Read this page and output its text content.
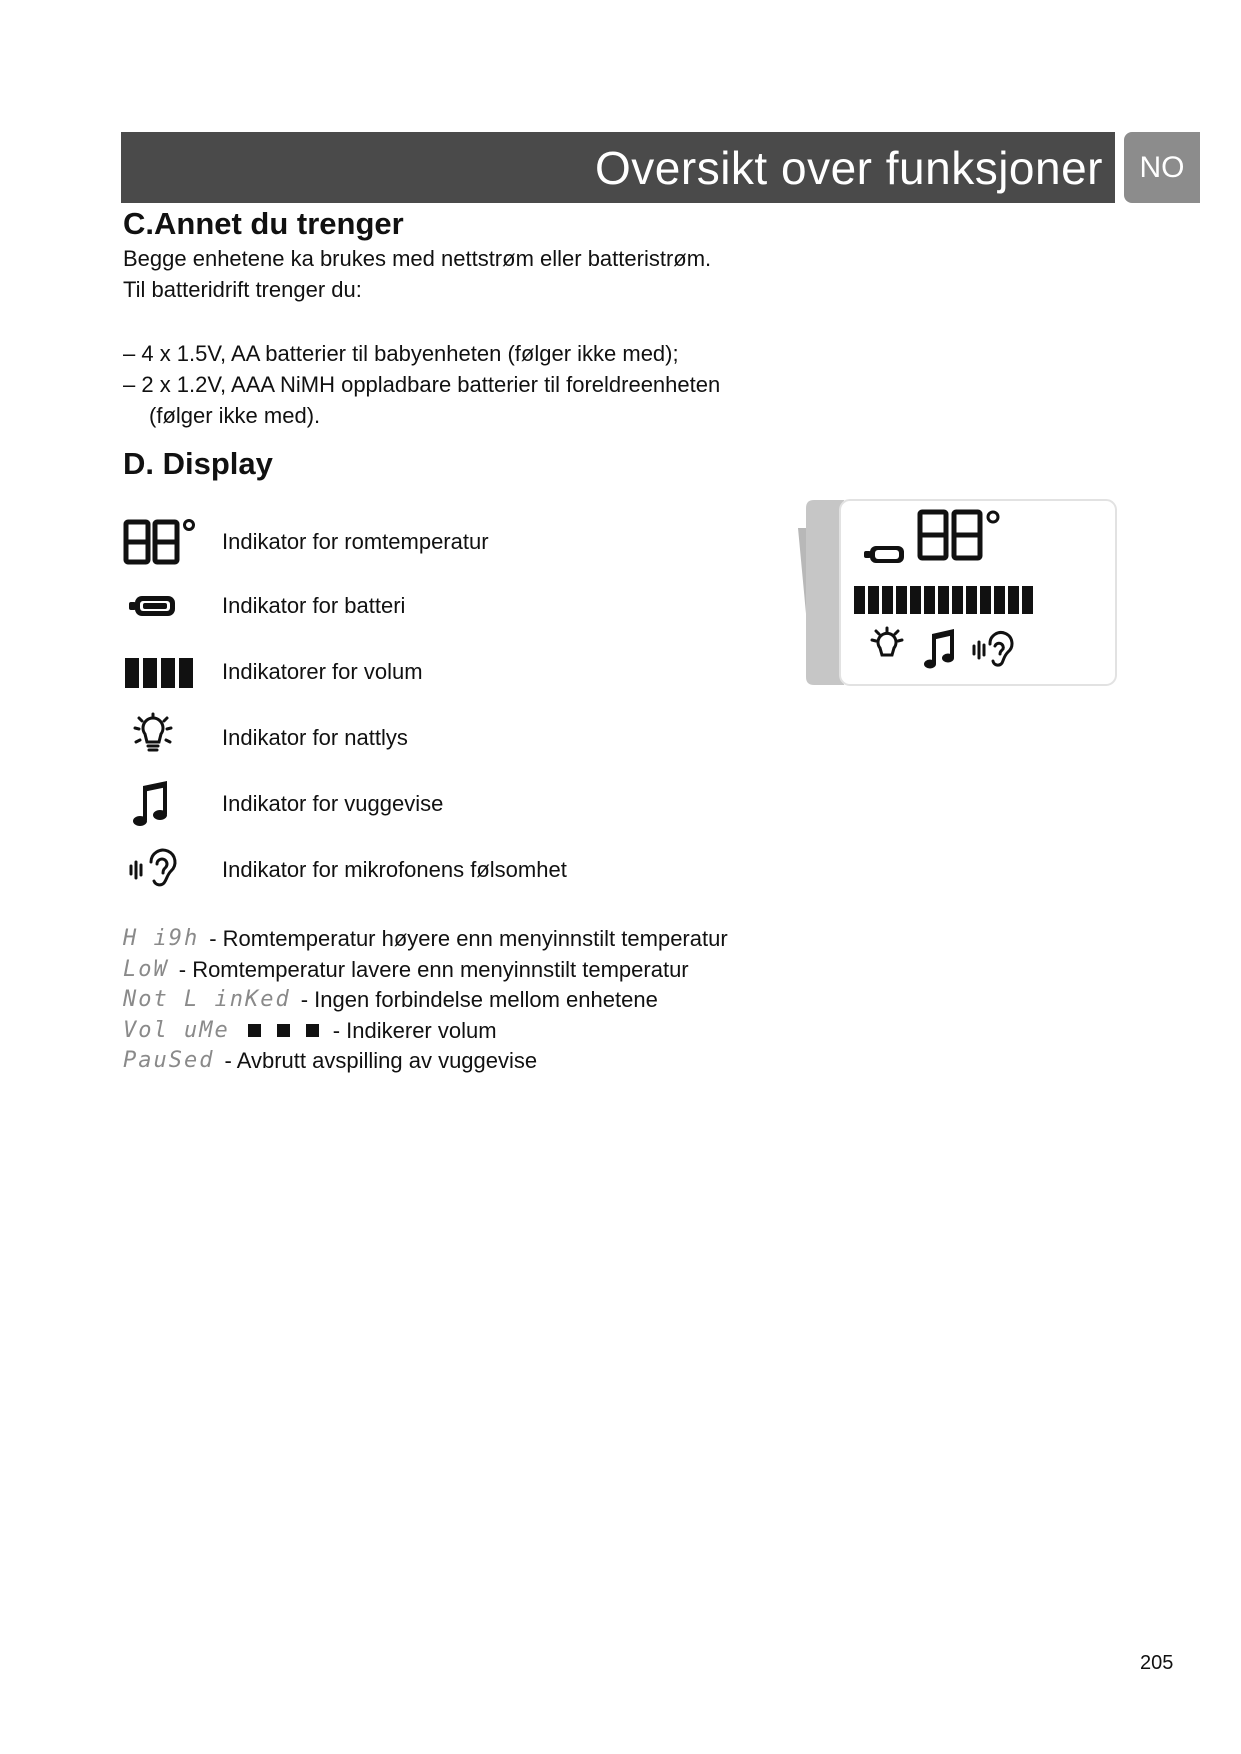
Oversikt over funksjoner	NO
C.Annet du trenger

Begge enhetene ka brukes med nettstrøm eller batteristrøm.

Til batteridrift trenger du:

– 4 x 1.5V, AA batterier til babyenheten (følger ikke med);

– 2 x 1.2V, AAA NiMH oppladbare batterier til foreldreenheten

(følger ikke med).

D. Display
Indikator for romtemperatur
Indikator for batteri
Indikatorer for volum
Indikator for nattlys
Indikator for vuggevise
Indikator for mikrofonens følsomhet
H i9h - Romtemperatur høyere enn menyinnstilt temperatur
LoW - Romtemperatur lavere enn menyinnstilt temperatur
Not L inKed - Ingen forbindelse mellom enhetene
Vol uMe	- Indikerer volum
PauSed - Avbrutt avspilling av vuggevise
88
205
